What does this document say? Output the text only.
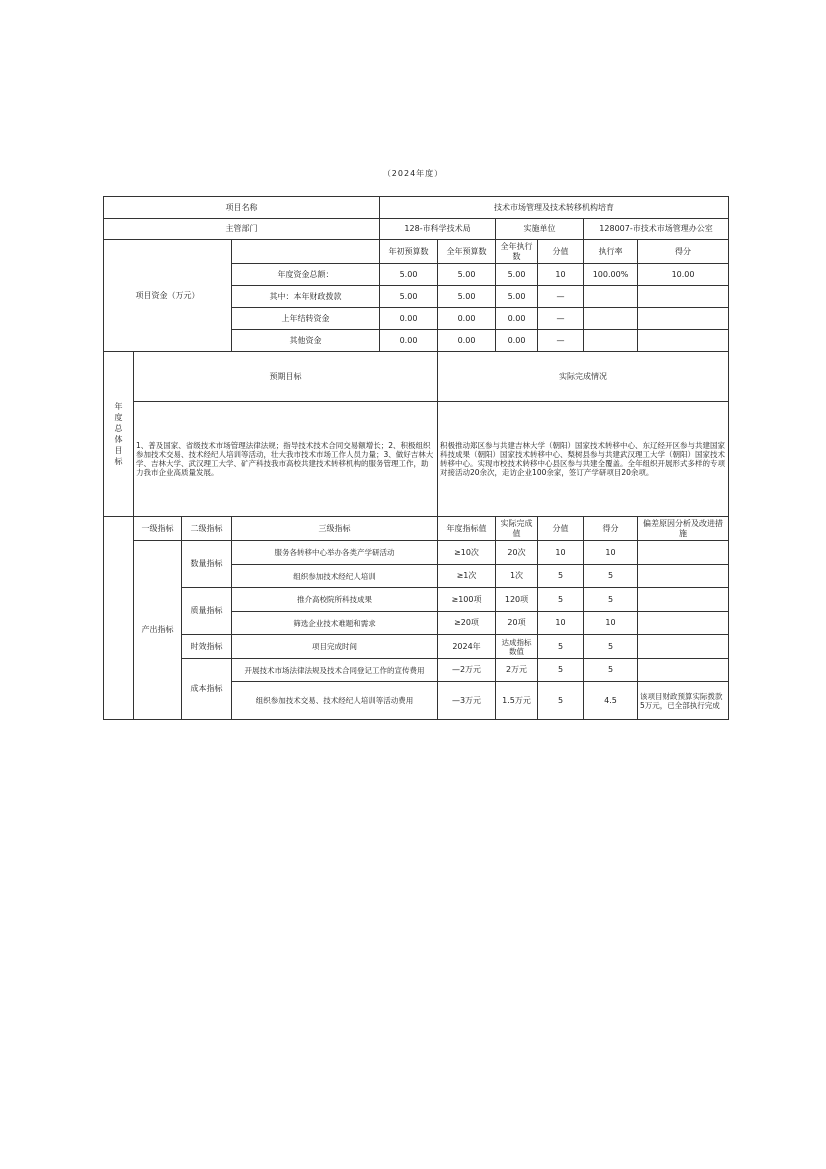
（2024年度）
项目名称				技术市场管理及技术转移机构培育					
主管部门				128-市科学技术局		实施单位		128007-市技术市场管理办公室	
项目资金（万元）				年初预算数	全年预算数	全年执行数	分值	执行率	得分
			年度资金总额：	5.00	5.00	5.00	10	100.00%	10.00
			其中：本年财政拨款	5.00	5.00	5.00	—		
			上年结转资金	0.00	0.00	0.00	—		
			其他资金	0.00	0.00	0.00	—		
年度总体目标	预期目标				实际完成情况				
	1、普及国家、省级技术市场管理法律法规；指导技术技术合同交易额增长；2、积极组织参加技术交易、技术经纪人培训等活动，壮大我市技术市场工作人员力量；3、做好吉林大学、吉林大学、武汉理工大学、矿产科技我市高校共建技术转移机构的服务管理工作，助力我市企业高质量发展。				积极推动郑区参与共建吉林大学（朝阳）国家技术转移中心、东辽经开区参与共建国家科技成果（朝阳）国家技术转移中心、梨树县参与共建武汉理工大学（朝阳）国家技术转移中心。实现市校技术转移中心县区参与共建全覆盖。全年组织开展形式多样的专项对接活动20余次，走访企业100余家，签订产学研项目20余项。				
	一级指标	二级指标	三级指标		年度指标值	实际完成值	分值	得分	偏差原因分析及改进措施
	产出指标	数量指标	服务各转移中心举办各类产学研活动		≥10次	20次	10	10	
			组织参加技术经纪人培训		≥1次	1次	5	5	
		质量指标	推介高校院所科技成果		≥100项	120项	5	5	
			筛选企业技术难题和需求		≥20项	20项	10	10	
		时效指标	项目完成时间		2024年	达成指标数值	5	5	
		成本指标	开展技术市场法律法规及技术合同登记工作的宣传费用		—2万元	2万元	5	5	
			组织参加技术交易、技术经纪人培训等活动费用		—3万元	1.5万元	5	4.5	该项目财政预算实际拨款5万元，已全部执行完成
